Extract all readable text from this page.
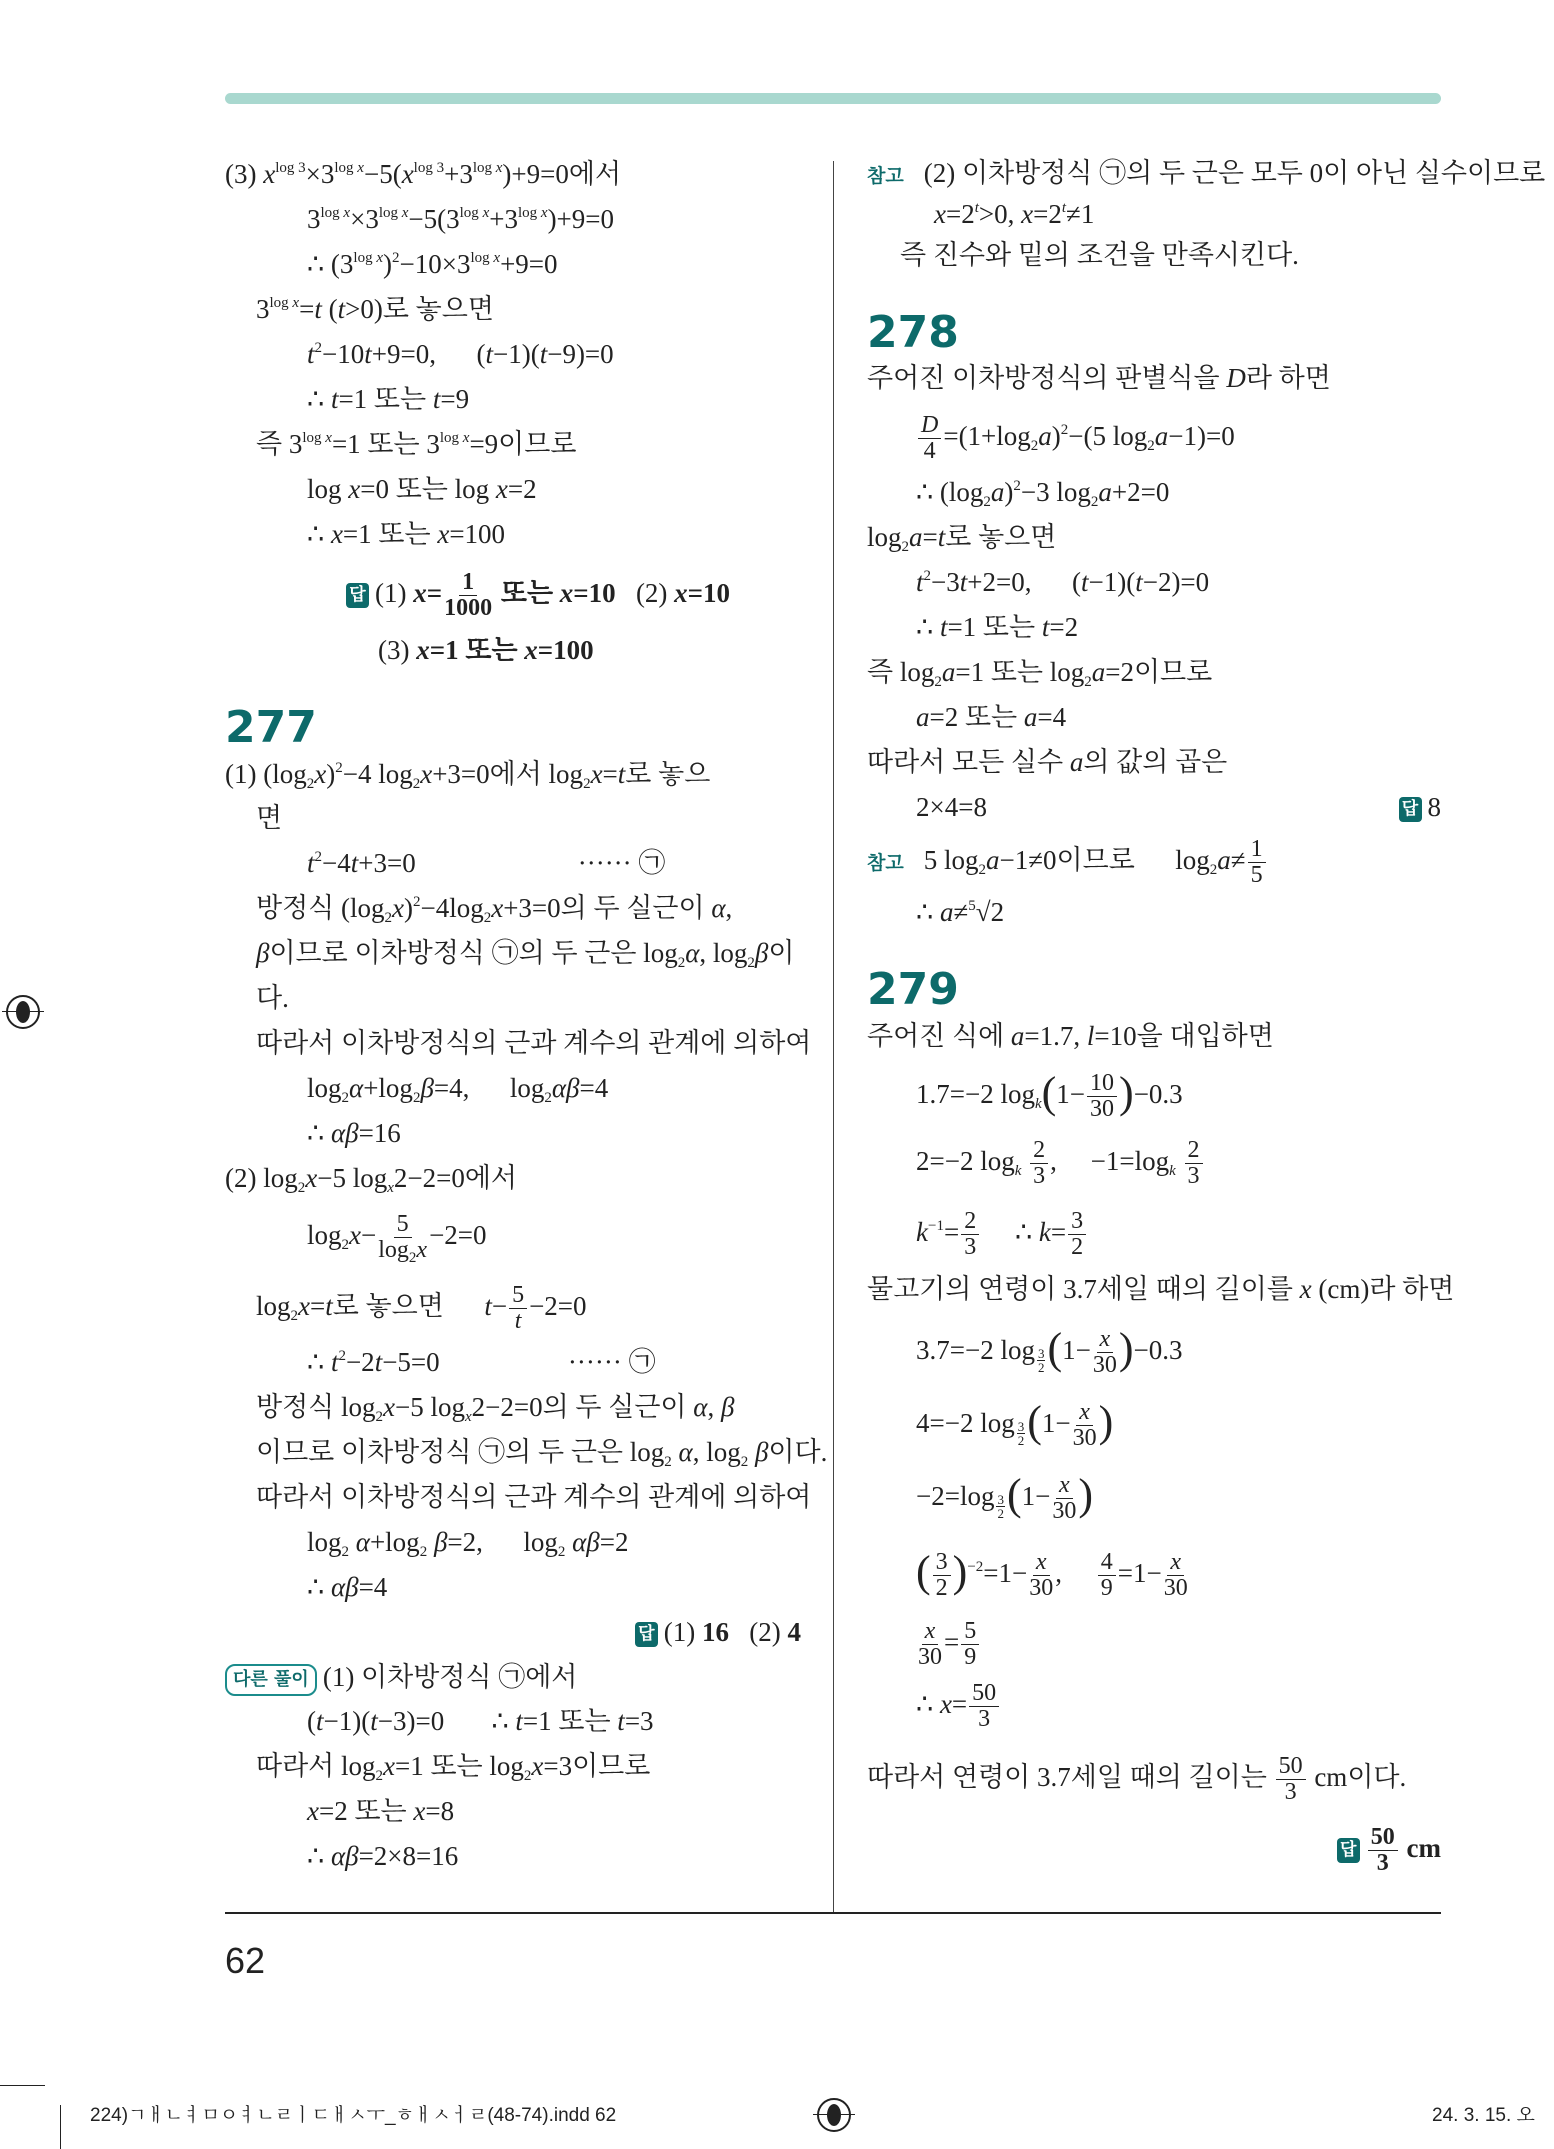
277
278
279
(3) $x^{log 3}\times 3^{log x}-5(x^{log 3}+3^{log x})+9=0$에서
$3^{log x}\times 3^{log x}-5(3^{log x}+3^{log x})+9=0$
∴ $(3^{log x})^2-10\times 3^{log x}+9=0$
$3^{log x}=t$ (t>0)로 놓으면
$t^2-10t+9=0$,      (t−1)(t−9)=0
∴ t=1 또는 t=9
즉 $3^{log x}=1$ 또는 $3^{log x}=9$이므로
log x=0 또는 log x=2
∴ x=1 또는 x=100
답 (1) $x= \frac{1}{1000}$ 또는 x=10   (2) x=10
(3) x=1 또는 x=100
(1) $(\log_2x)^2-4$ $\log_2x+3=0$에서 $\log_2x=t$로 놓으
면
$t^2-4t+3=0$                        ······ ㉠
방정식 $(\log_2x)^2-4\log_2x+3=0$의 두 실근이 α,
β이므로 이차방정식 ㉠의 두 근은 $\log_2\alpha$, $\log_2\beta$이
다.
따라서 이차방정식의 근과 계수의 관계에 의하여
$\log_2\alpha+\log_2\beta=4$,      $\log_2\alpha\beta=4$
∴ αβ=16
(2) $\log_2x-5$ $\log_x2-2=0$에서
$\log_2x- \frac{5}{\log_2x} -2=0$
$\log_2x=t$로 놓으면      $t- \frac{5}{t} -2=0$
∴ $t^2-2t-5=0$                   ······ ㉠
방정식 $\log_2x-5$ $\log_x2-2=0$의 두 실근이 α, β
이므로 이차방정식 ㉠의 두 근은 $\log_2 \alpha$, $\log_2 \beta$이다.
따라서 이차방정식의 근과 계수의 관계에 의하여
$\log_2 \alpha+\log_2$ β=2,      $\log_2 \alpha\beta=2$
∴ αβ=4
답 (1) 16   (2) 4
다른 풀이 (1) 이차방정식 ㉠에서
(t−1)(t−3)=0       ∴ t=1 또는 t=3
따라서 $\log_2x=1$ 또는 $\log_2x=3$이므로
x=2 또는 x=8
∴ αβ=2×8=16
참고 (2) 이차방정식 ㉠의 두 근은 모두 0이 아닌 실수이므로
$x=2^t>0$, $x=2^t\ne 1$
즉 진수와 밑의 조건을 만족시킨다.
주어진 이차방정식의 판별식을 D라 하면
$\frac{D}{4} =(1+\log_2a)^2-(5$ $\log_2a-1)=0$
∴ $(\log_2a)^2-3$ $\log_2a+2=0$
$\log_2a=t$로 놓으면
$t^2-3t+2=0$,      (t−1)(t−2)=0
∴ t=1 또는 t=2
즉 $\log_2a=1$ 또는 $\log_2a=2$이므로
a=2 또는 a=4
따라서 모든 실수 a의 값의 곱은
2×4=8
참고 5 $\log_2a-1\ne 0$이므로      $\log_2a\ne \frac{1}{5}$
∴ a≠$^5$√2
주어진 식에 a=1.7, l=10을 대입하면
1.7=−2 $\log_k(1- \frac{10}{30} )-0.3$
2=−2 $\log_k \frac{2}{3}$ ,     $-1=\log_k \frac{2}{3}$
$k^{-1}= \frac{2}{3}$ ∴ $k= \frac{3}{2}$
물고기의 연령이 3.7세일 때의 길이를 x (cm)라 하면
3.7=−2 log $_{\frac{3}{2}}$ $(1- \frac{x}{30} )-0.3$
4=−2 log $_{\frac{3}{2}}$ ($1- \frac{x}{30}$ )
−2=log $_{\frac{3}{2}}$ ($1- \frac{x}{30}$ )
( $\frac{3}{2} )^{-2}=1- \frac{x}{30}$ , $\frac{4}{9} =1- \frac{x}{30}$
$\frac{x}{30} = \frac{5}{9}$
∴ $x= \frac{50}{3}$
따라서 연령이 3.7세일 때의 길이는 $\frac{50}{3}$ cm이다.
답 8
답 $\frac{50}{3}$ cm
62
224)ㄱㅐㄴㅕㅁㅇㅕㄴㄹㅣㄷㅐㅅㅜ_ㅎㅐㅅㅓㄹ(48-74).indd 62	24. 3. 15. 오
